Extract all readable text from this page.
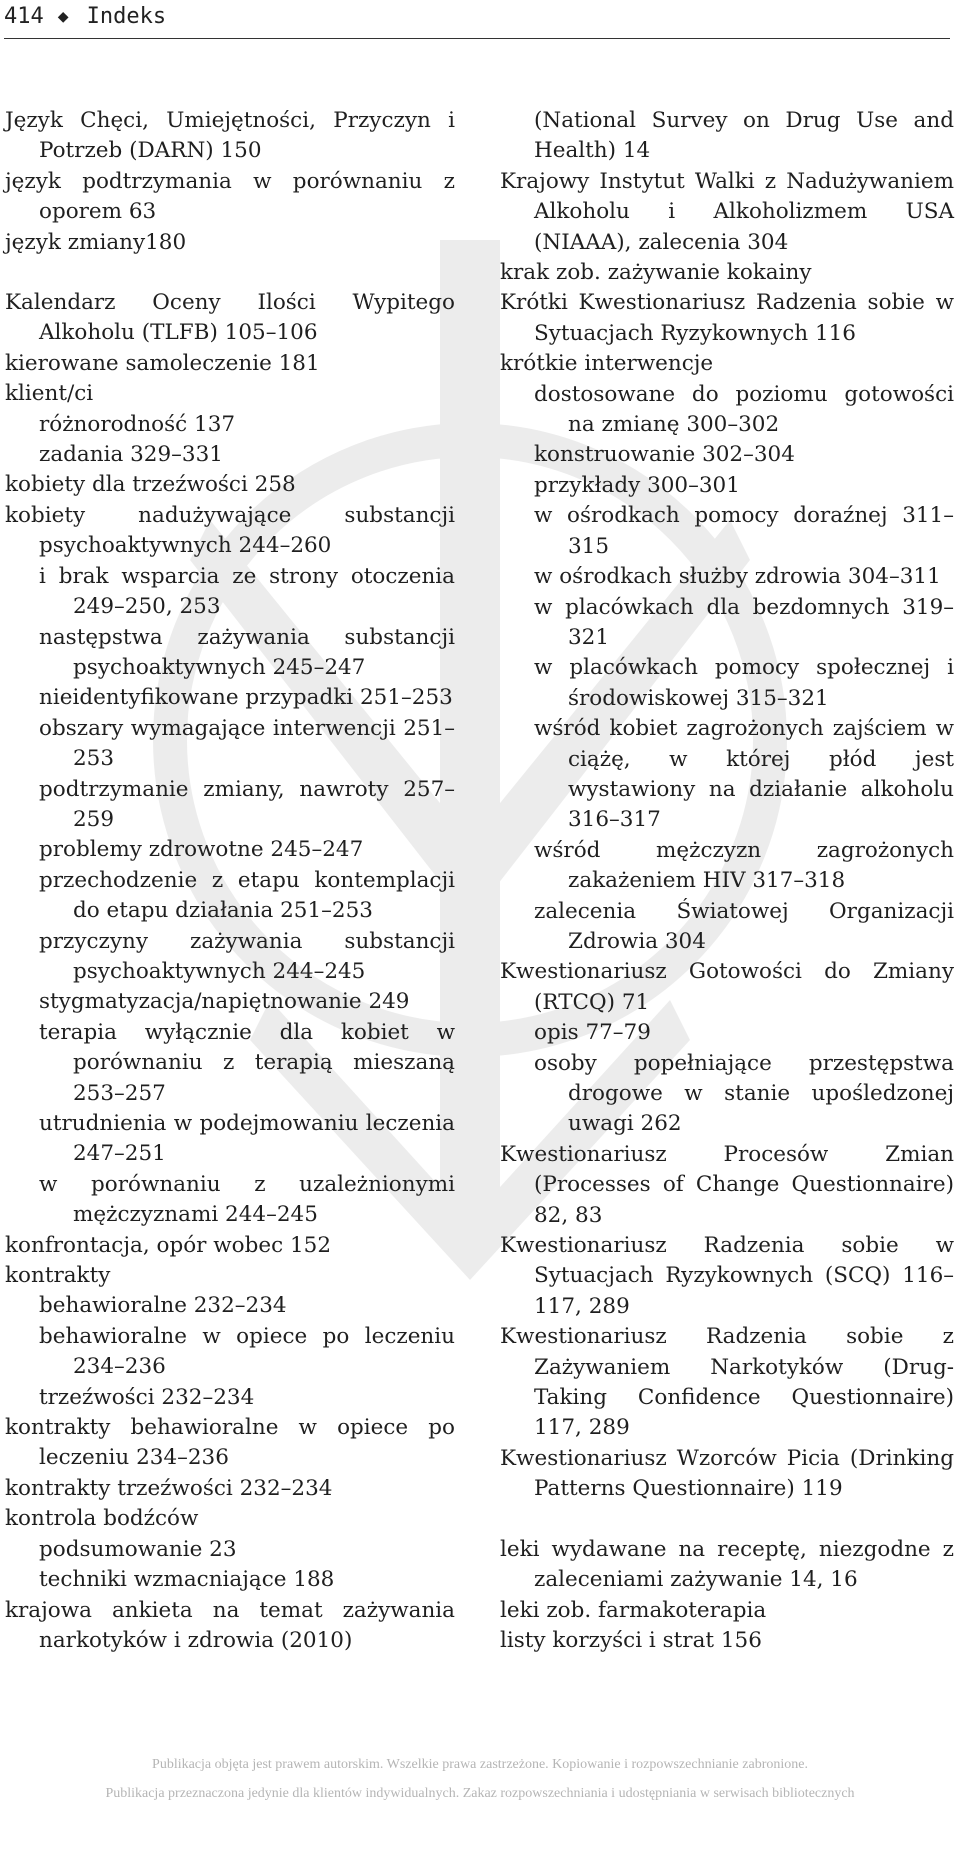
414 ◆ Indeks
Język Chęci, Umiejętności, Przyczyn i Potrzeb (DARN) 150
język podtrzymania w porównaniu z oporem 63
język zmiany180
Kalendarz Oceny Ilości Wypitego Alkoholu (TLFB) 105–106
kierowane samoleczenie 181
klient/ci
różnorodność 137
zadania 329–331
kobiety dla trzeźwości 258
kobiety nadużywające substancji psychoaktywnych 244–260
i brak wsparcia ze strony otoczenia 249–250, 253
następstwa zażywania substancji psychoaktywnych 245–247
nieidentyfikowane przypadki 251–253
obszary wymagające interwencji 251–253
podtrzymanie zmiany, nawroty 257–259
problemy zdrowotne 245–247
przechodzenie z etapu kontemplacji do etapu działania 251–253
przyczyny zażywania substancji psychoaktywnych 244–245
stygmatyzacja/napiętnowanie 249
terapia wyłącznie dla kobiet w porównaniu z terapią mieszaną 253–257
utrudnienia w podejmowaniu leczenia 247–251
w porównaniu z uzależnionymi mężczyznami 244–245
konfrontacja, opór wobec 152
kontrakty
behawioralne 232–234
behawioralne w opiece po leczeniu 234–236
trzeźwości 232–234
kontrakty behawioralne w opiece po leczeniu 234–236
kontrakty trzeźwości 232–234
kontrola bodźców
podsumowanie 23
techniki wzmacniające 188
krajowa ankieta na temat zażywania narkotyków i zdrowia (2010)
(National Survey on Drug Use and Health) 14
Krajowy Instytut Walki z Nadużywaniem Alkoholu i Alkoholizmem USA (NIAAA), zalecenia 304
krak zob. zażywanie kokainy
Krótki Kwestionariusz Radzenia sobie w Sytuacjach Ryzykownych 116
krótkie interwencje
dostosowane do poziomu gotowości na zmianę 300–302
konstruowanie 302–304
przykłady 300–301
w ośrodkach pomocy doraźnej 311–315
w ośrodkach służby zdrowia 304–311
w placówkach dla bezdomnych 319–321
w placówkach pomocy społecznej i środowiskowej 315–321
wśród kobiet zagrożonych zajściem w ciążę, w której płód jest wystawiony na działanie alkoholu 316–317
wśród mężczyzn zagrożonych zakażeniem HIV 317–318
zalecenia Światowej Organizacji Zdrowia 304
Kwestionariusz Gotowości do Zmiany (RTCQ) 71
opis 77–79
osoby popełniające przestępstwa drogowe w stanie upośledzonej uwagi 262
Kwestionariusz Procesów Zmian (Processes of Change Questionnaire) 82, 83
Kwestionariusz Radzenia sobie w Sytuacjach Ryzykownych (SCQ) 116–117, 289
Kwestionariusz Radzenia sobie z Zażywaniem Narkotyków (Drug-Taking Confidence Questionnaire) 117, 289
Kwestionariusz Wzorców Picia (Drinking Patterns Questionnaire) 119
leki wydawane na receptę, niezgodne z zaleceniami zażywanie 14, 16
leki zob. farmakoterapia
listy korzyści i strat 156
Publikacja objęta jest prawem autorskim. Wszelkie prawa zastrzeżone. Kopiowanie i rozpowszechnianie zabronione.
Publikacja przeznaczona jedynie dla klientów indywidualnych. Zakaz rozpowszechniania i udostępniania w serwisach bibliotecznych
